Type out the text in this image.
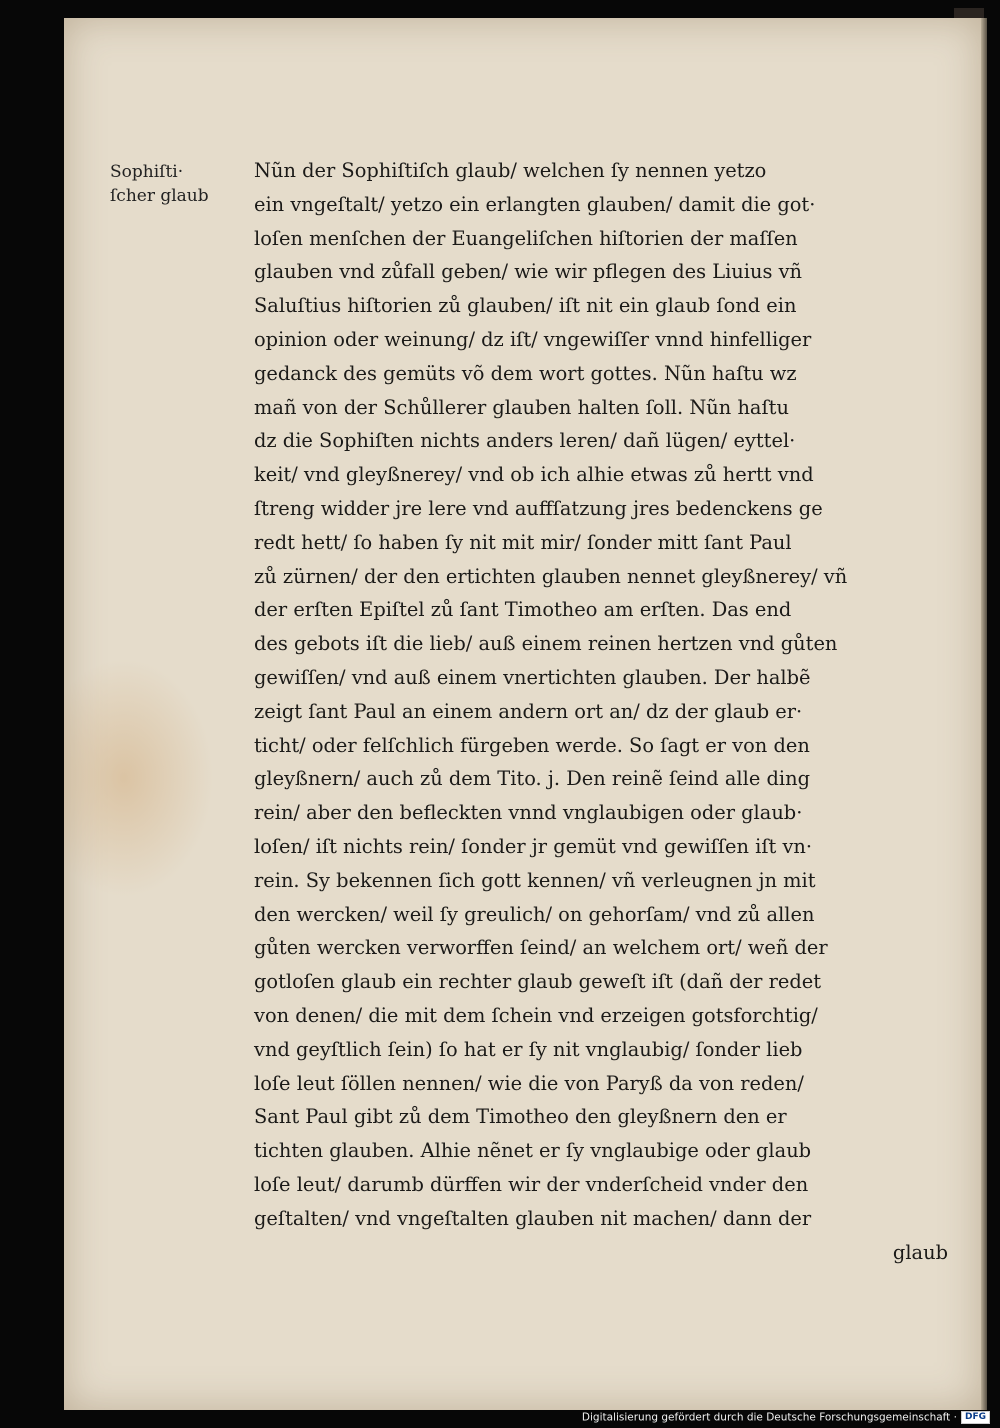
Sophiſti·
ſcher glaub
Nũn der Sophiſtiſch glaub/ welchen ſy nennen yetzo
ein vngeſtalt/ yetzo ein erlangten glauben/ damit die got·
loſen menſchen der Euangeliſchen hiſtorien der maſſen
glauben vnd zůfall geben/ wie wir pflegen des Liuius vñ
Saluſtius hiſtorien zů glauben/ iſt nit ein glaub ſond ein
opinion oder weinung/ dz iſt/ vngewiſſer vnnd hinfelliger
gedanck des gemüts võ dem wort gottes. Nũn haſtu wz
mañ von der Schůllerer glauben halten ſoll. Nũn haſtu
dz die Sophiſten nichts anders leren/ dañ lügen/ eyttel·
keit/ vnd gleyßnerey/ vnd ob ich alhie etwas zů hertt vnd
ſtreng widder jre lere vnd auffſatzung jres bedenckens ge
redt hett/ ſo haben ſy nit mit mir/ ſonder mitt ſant Paul
zů zürnen/ der den ertichten glauben nennet gleyßnerey/ vñ
der erſten Epiſtel zů ſant Timotheo am erſten. Das end
des gebots iſt die lieb/ auß einem reinen hertzen vnd gůten
gewiſſen/ vnd auß einem vnertichten glauben. Der halbẽ
zeigt ſant Paul an einem andern ort an/ dz der glaub er·
ticht/ oder felſchlich fürgeben werde. So ſagt er von den
gleyßnern/ auch zů dem Tito. j. Den reinẽ ſeind alle ding
rein/ aber den befleckten vnnd vnglaubigen oder glaub·
loſen/ iſt nichts rein/ ſonder jr gemüt vnd gewiſſen iſt vn·
rein. Sy bekennen ſich gott kennen/ vñ verleugnen jn mit
den wercken/ weil ſy greulich/ on gehorſam/ vnd zů allen
gůten wercken verworffen ſeind/ an welchem ort/ weñ der
gotloſen glaub ein rechter glaub geweſt iſt (dañ der redet
von denen/ die mit dem ſchein vnd erzeigen gotsforchtig/
vnd geyſtlich ſein) ſo hat er ſy nit vnglaubig/ ſonder lieb
loſe leut ſöllen nennen/ wie die von Paryß da von reden/
Sant Paul gibt zů dem Timotheo den gleyßnern den er
tichten glauben. Alhie nẽnet er ſy vnglaubige oder glaub
loſe leut/ darumb dürffen wir der vnderſcheid vnder den
geſtalten/ vnd vngeſtalten glauben nit machen/ dann der
glaub
Digitalisierung gefördert durch die Deutsche Forschungsgemeinschaft · DFG
